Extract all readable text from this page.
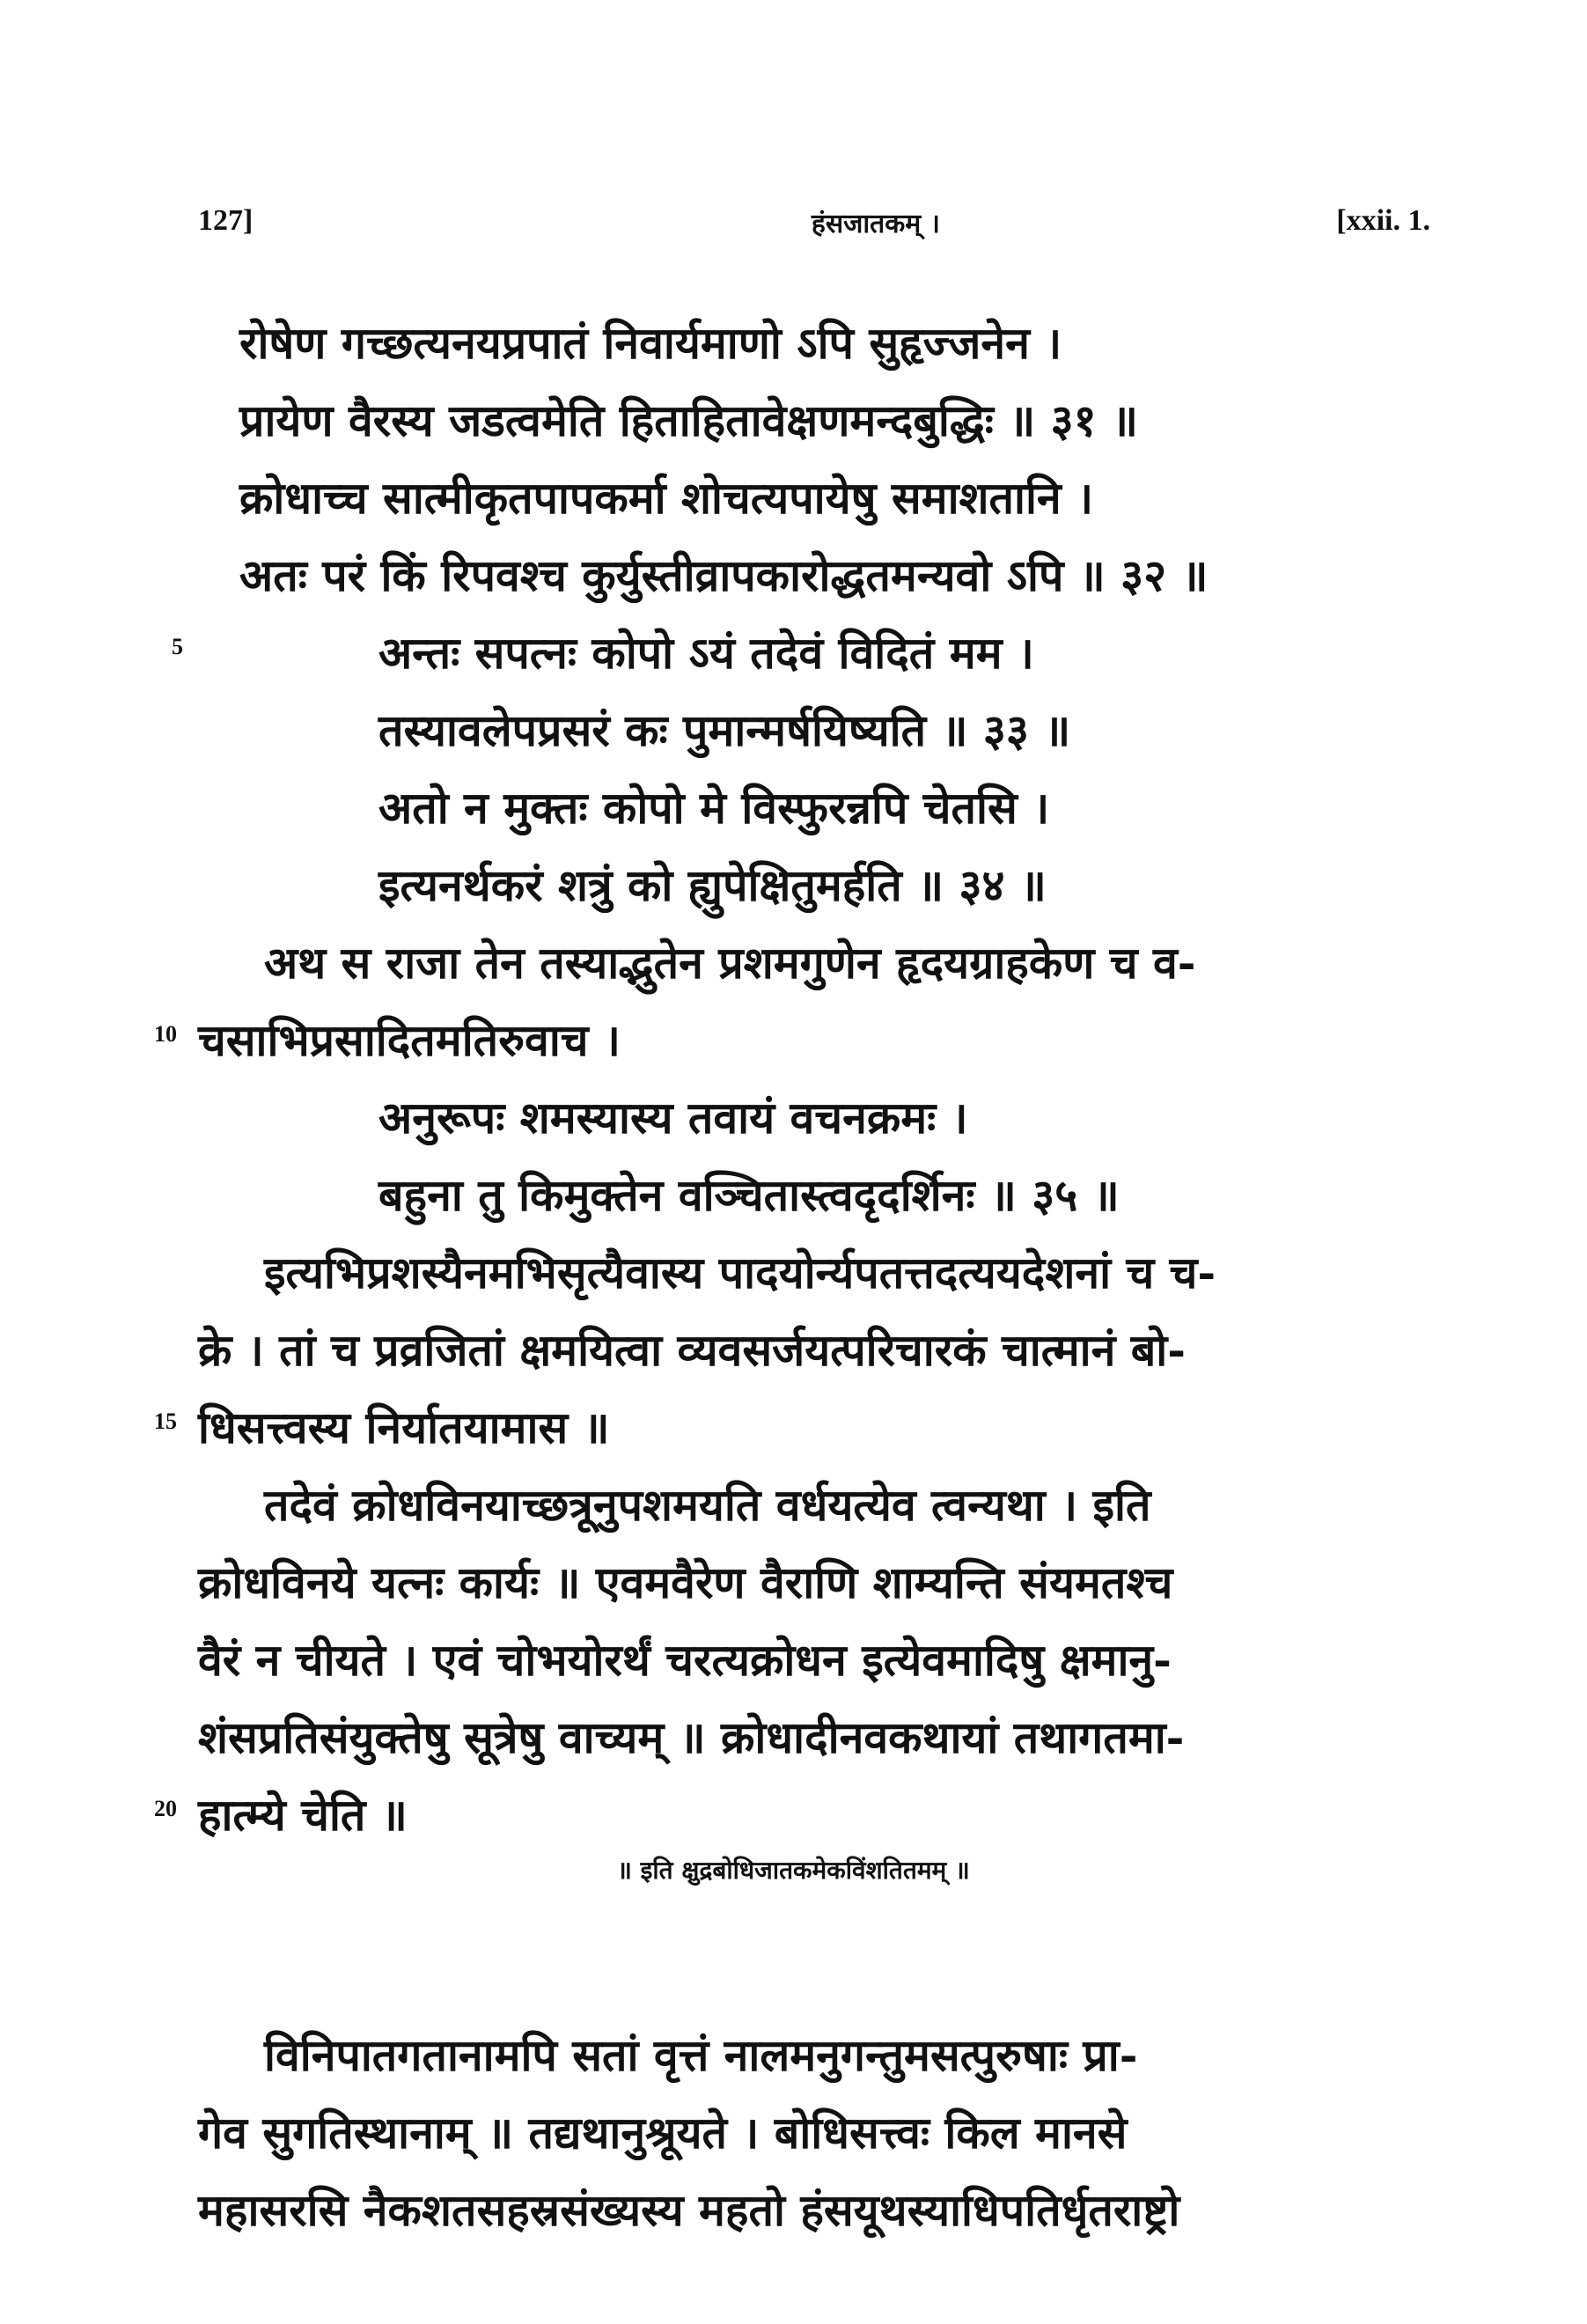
127]	हंसजातकम् ।	[xxii. 1.
रोषेण गच्छत्यनयप्रपातं निवार्यमाणो ऽपि सुहृज्जनेन ।
प्रायेण वैरस्य जडत्वमेति हिताहितावेक्षणमन्दबुद्धिः ॥ ३१ ॥
क्रोधाच्च सात्मीकृतपापकर्मा शोचत्यपायेषु समाशतानि ।
अतः परं किं रिपवश्च कुर्युस्तीव्रापकारोद्धतमन्यवो ऽपि ॥ ३२ ॥
5	अन्तः सपत्नः कोपो ऽयं तदेवं विदितं मम ।
तस्यावलेपप्रसरं कः पुमान्मर्षयिष्यति ॥ ३३ ॥
अतो न मुक्तः कोपो मे विस्फुरन्नपि चेतसि ।
इत्यनर्थकरं शत्रुं को ह्युपेक्षितुमर्हति ॥ ३४ ॥
अथ स राजा तेन तस्याद्भुतेन प्रशमगुणेन हृदयग्राहकेण च व-
10 चसाभिप्रसादितमतिरुवाच ।
अनुरूपः शमस्यास्य तवायं वचनक्रमः ।
बहुना तु किमुक्तेन वञ्चितास्त्वदृदर्शिनः ॥ ३५ ॥
इत्यभिप्रशस्यैनमभिसृत्यैवास्य पादयोर्न्यपतत्तदत्ययदेशनां च च-
क्रे । तां च प्रव्रजितां क्षमयित्वा व्यवसर्जयत्परिचारकं चात्मानं बो-
15 धिसत्त्वस्य निर्यातयामास ॥
तदेवं क्रोधविनयाच्छत्रूनुपशमयति वर्धयत्येव त्वन्यथा । इति
क्रोधविनये यत्नः कार्यः ॥ एवमवैरेण वैराणि शाम्यन्ति संयमतश्च
वैरं न चीयते । एवं चोभयोरर्थं चरत्यक्रोधन इत्येवमादिषु क्षमानु-
शंसप्रतिसंयुक्तेषु सूत्रेषु वाच्यम् ॥ क्रोधादीनवकथायां तथागतमा-
20 हात्म्ये चेति ॥
॥ इति क्षुद्रबोधिजातकमेकविंशतितमम् ॥
विनिपातगतानामपि सतां वृत्तं नालमनुगन्तुमसत्पुरुषाः प्रा-
गेव सुगतिस्थानाम् ॥ तद्यथानुश्रूयते । बोधिसत्त्वः किल मानसे
महासरसि नैकशतसहस्रसंख्यस्य महतो हंसयूथस्याधिपतिर्धृतराष्ट्रो
